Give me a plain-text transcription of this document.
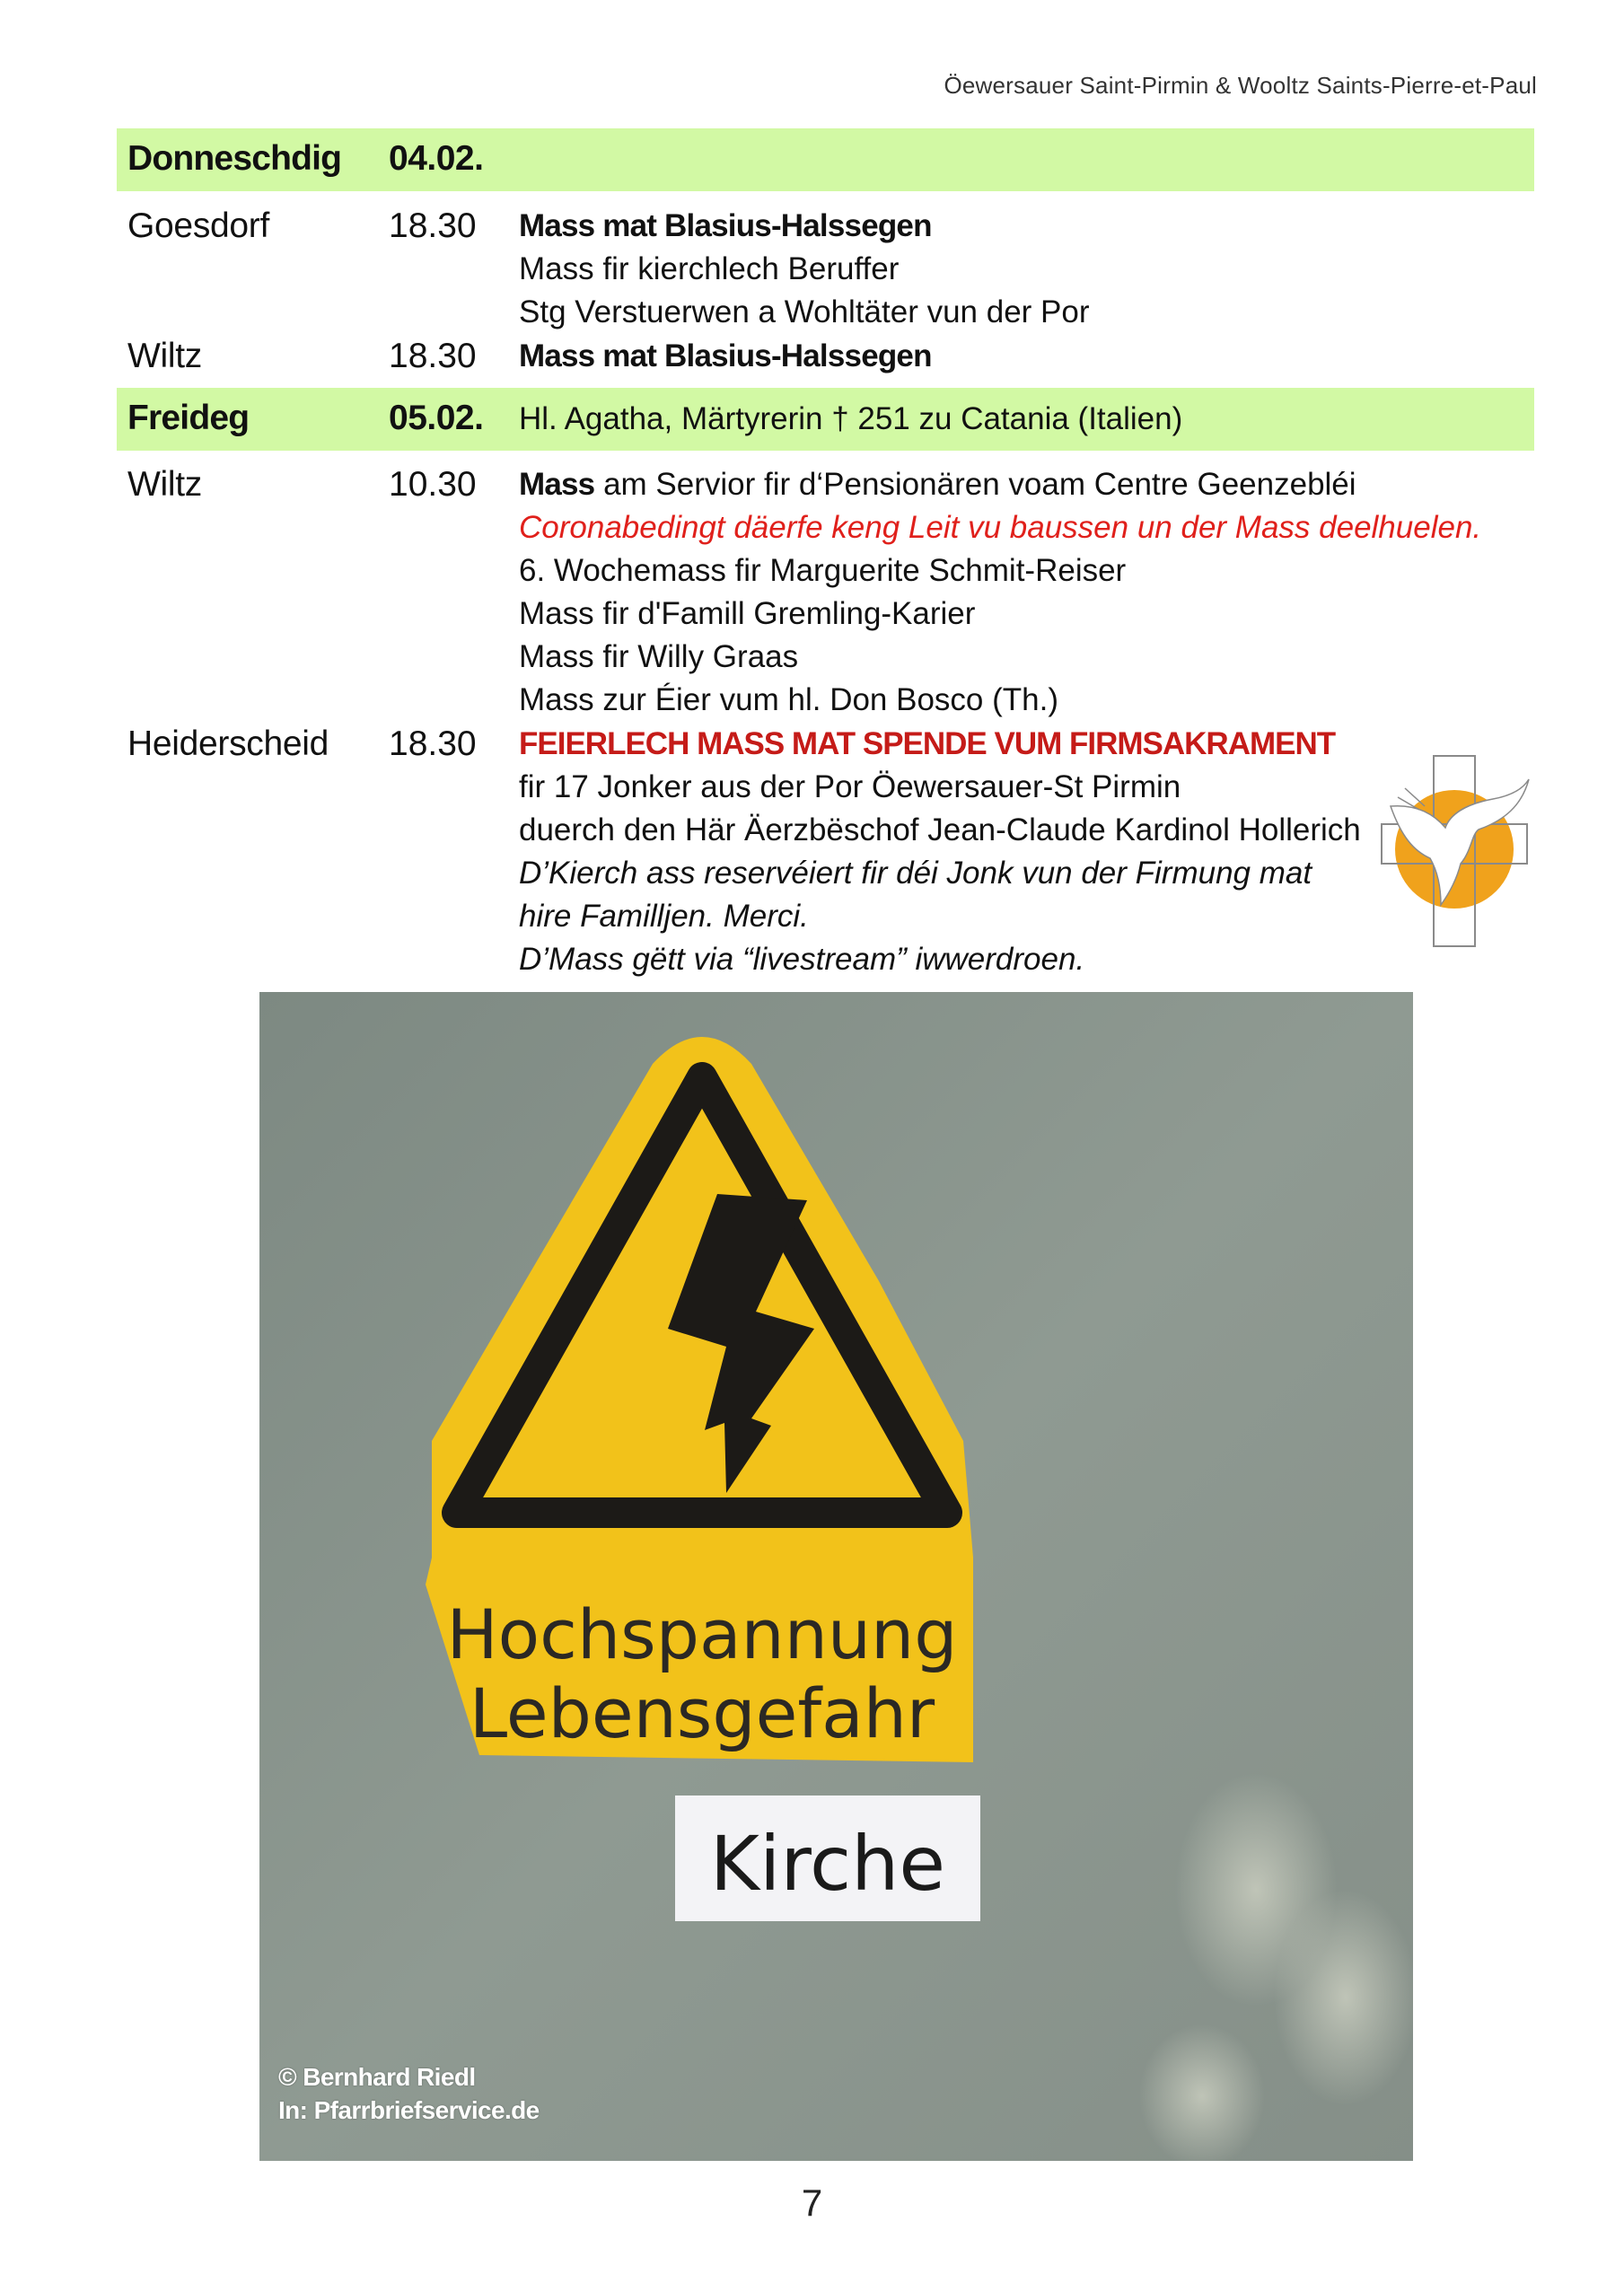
Öewersauer Saint-Pirmin & Wooltz Saints-Pierre-et-Paul
Donneschdig 04.02.
Goesdorf	18.30 Mass mat Blasius-Halssegen
Mass fir kierchlech Beruffer
Stg Verstuerwen a Wohltäter vun der Por
Wiltz	18.30 Mass mat Blasius-Halssegen
Freideg	05.02. Hl. Agatha, Märtyrerin † 251 zu Catania (Italien)
Wiltz	10.30 Mass am Servior fir d‘Pensionären voam Centre Geenzebléi
Coronabedingt däerfe keng Leit vu baussen un der Mass deelhuelen.
6. Wochemass fir Marguerite Schmit-Reiser
Mass fir d'Famill Gremling-Karier
Mass fir Willy Graas
Mass zur Éier vum hl. Don Bosco (Th.)
Heiderscheid 18.30 FEIERLECH MASS MAT SPENDE VUM FIRMSAKRAMENT
fir 17 Jonker aus der Por Öewersauer-St Pirmin
duerch den Här Äerzbëschof Jean-Claude Kardinol Hollerich
D’Kierch ass reservéiert fir déi Jonk vun der Firmung mat
hire Familljen. Merci.
D’Mass gëtt via “livestream” iwwerdroen.
Hochspannung
Lebensgefahr
Kirche
© Bernhard Riedl
In: Pfarrbriefservice.de
7
